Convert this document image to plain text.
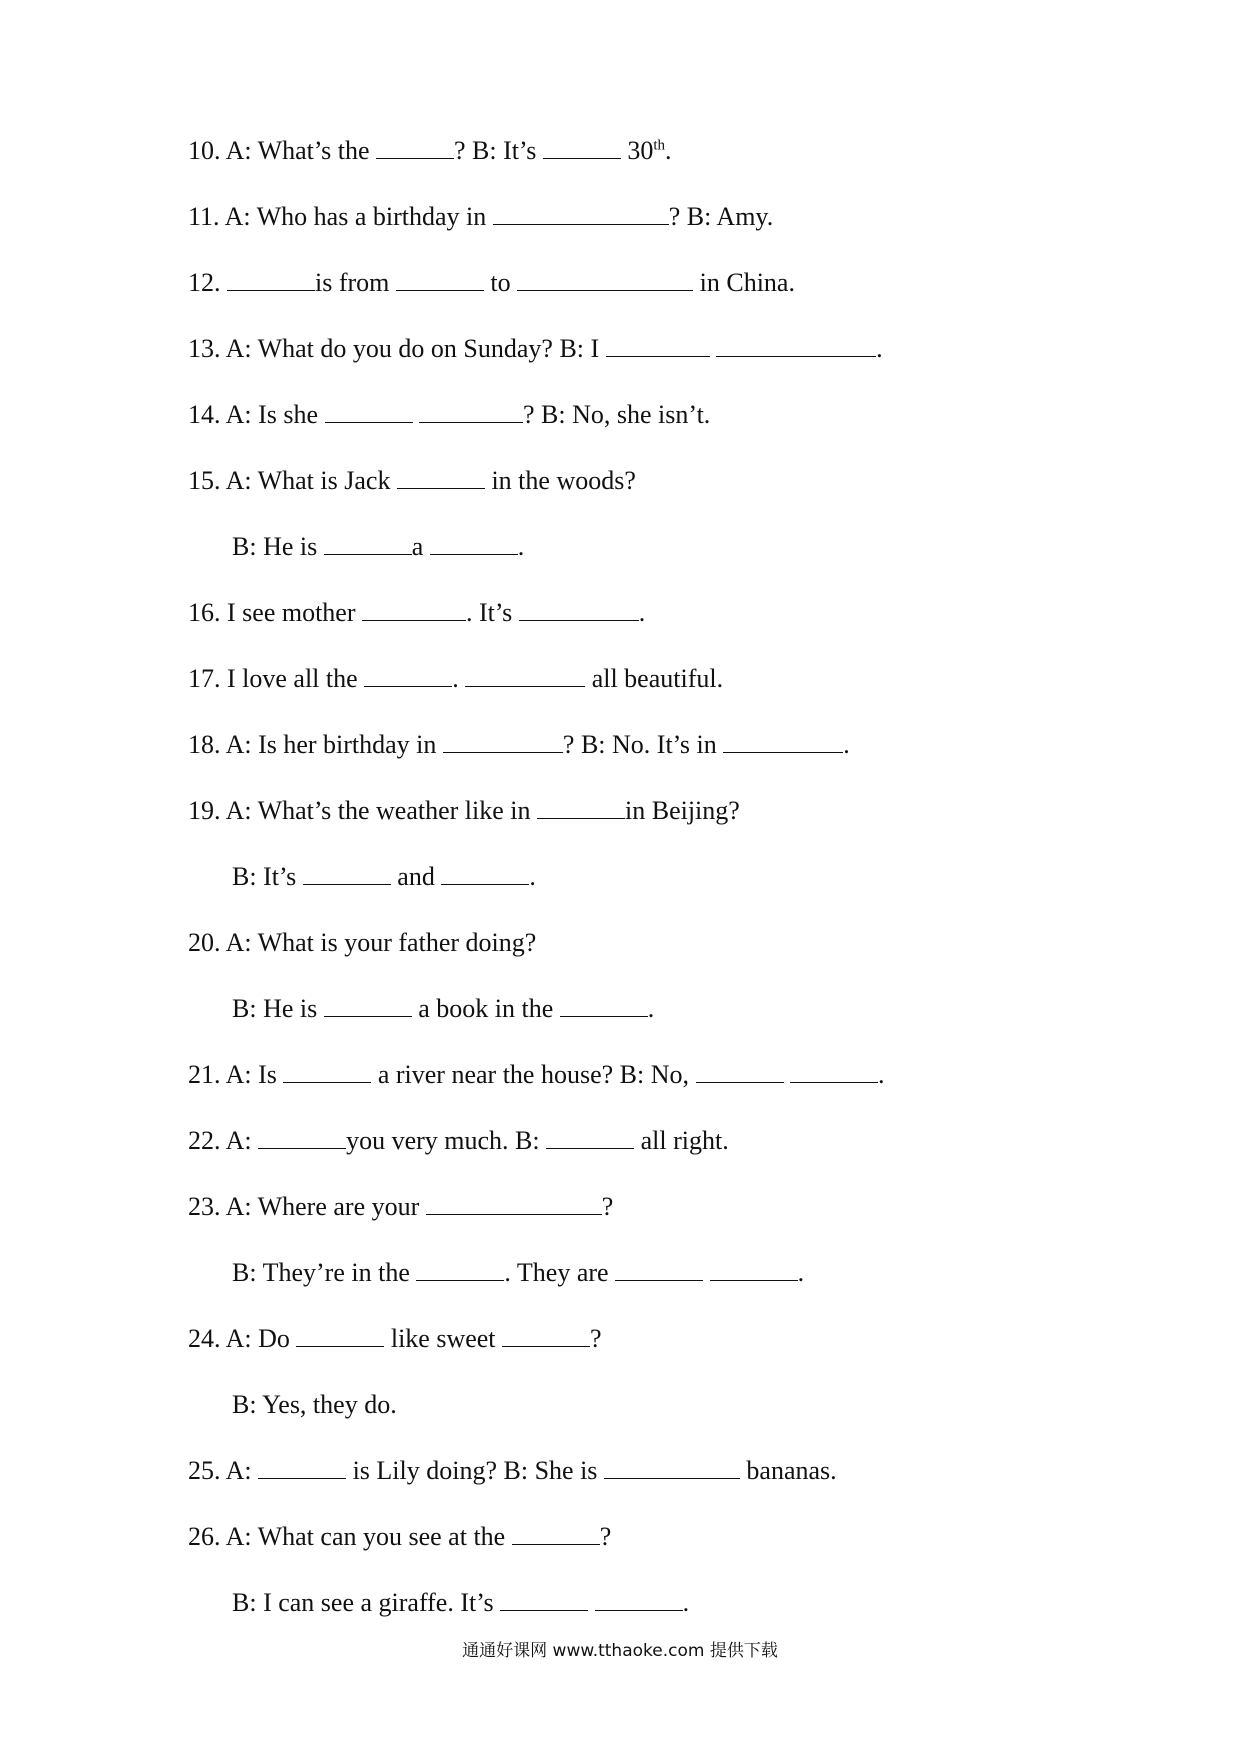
10. A: What’s the	? B: It’s	30th.
11. A: Who has a birthday in	? B: Amy.
12.	is from	to	in China.
13. A: What do you do on Sunday? B: I	.
14. A: Is she	? B: No, she isn’t.
15. A: What is Jack	in the woods?
B: He is	a	.
16. I see mother	. It’s	.
17. I love all the	.	all beautiful.
18. A: Is her birthday in	? B: No. It’s in	.
19. A: What’s the weather like in	in Beijing?
B: It’s	and	.
20. A: What is your father doing?
B: He is	a book in the	.
21. A: Is	a river near the house? B: No,	.
22. A:	you very much. B:	all right.
23. A: Where are your	?
B: They’re in the	. They are	.
24. A: Do	like sweet	?
B: Yes, they do.
25. A:	is Lily doing? B: She is	bananas.
26. A: What can you see at the	?
B: I can see a giraffe. It’s	.
通通好课网 www.tthaoke.com 提供下载
